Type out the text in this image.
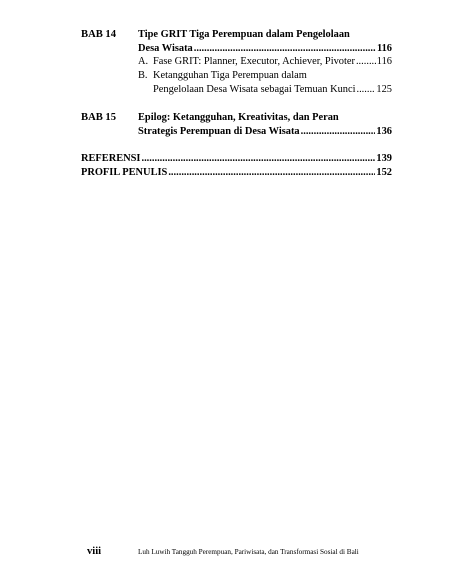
BAB 14 Tipe GRIT Tiga Perempuan dalam Pengelolaan
Desa Wisata .....	116
A. Fase GRIT: Planner, Executor, Achiever, Pivoter ..... 116
B. Ketangguhan Tiga Perempuan dalam
Pengelolaan Desa Wisata sebagai Temuan Kunci ..... 125
BAB 15 Epilog: Ketangguhan, Kreativitas, dan Peran
Strategis Perempuan di Desa Wisata .....	136
REFERENSI .....	139
PROFIL PENULIS .....	152
viii	Luh Luwih Tangguh Perempuan, Pariwisata, dan Transformasi Sosial di Bali
